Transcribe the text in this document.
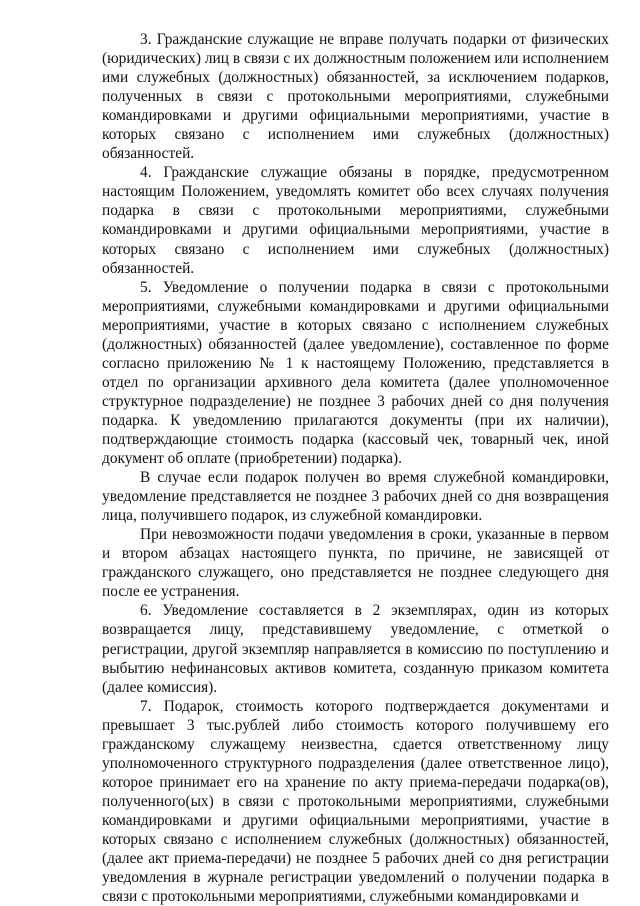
3. Гражданские служащие не вправе получать подарки от физических (юридических) лиц в связи с их должностным положением или исполнением ими служебных (должностных) обязанностей, за исключением подарков, полученных в связи с протокольными мероприятиями, служебными командировками и другими официальными мероприятиями, участие в которых связано с исполнением ими служебных (должностных) обязанностей.

4. Гражданские служащие обязаны в порядке, предусмотренном настоящим Положением, уведомлять комитет обо всех случаях получения подарка в связи с протокольными мероприятиями, служебными командировками и другими официальными мероприятиями, участие в которых связано с исполнением ими служебных (должностных) обязанностей.

5. Уведомление о получении подарка в связи с протокольными мероприятиями, служебными командировками и другими официальными мероприятиями, участие в которых связано с исполнением служебных (должностных) обязанностей (далее уведомление), составленное по форме согласно приложению № 1 к настоящему Положению, представляется в отдел по организации архивного дела комитета (далее уполномоченное структурное подразделение) не позднее 3 рабочих дней со дня получения подарка. К уведомлению прилагаются документы (при их наличии), подтверждающие стоимость подарка (кассовый чек, товарный чек, иной документ об оплате (приобретении) подарка).

В случае если подарок получен во время служебной командировки, уведомление представляется не позднее 3 рабочих дней со дня возвращения лица, получившего подарок, из служебной командировки.

При невозможности подачи уведомления в сроки, указанные в первом и втором абзацах настоящего пункта, по причине, не зависящей от гражданского служащего, оно представляется не позднее следующего дня после ее устранения.

6. Уведомление составляется в 2 экземплярах, один из которых возвращается лицу, представившему уведомление, с отметкой о регистрации, другой экземпляр направляется в комиссию по поступлению и выбытию нефинансовых активов комитета, созданную приказом комитета (далее комиссия).

7. Подарок, стоимость которого подтверждается документами и превышает 3 тыс.рублей либо стоимость которого получившему его гражданскому служащему неизвестна, сдается ответственному лицу уполномоченного структурного подразделения (далее ответственное лицо), которое принимает его на хранение по акту приема-передачи подарка(ов), полученного(ых) в связи с протокольными мероприятиями, служебными командировками и другими официальными мероприятиями, участие в которых связано с исполнением служебных (должностных) обязанностей, (далее акт приема-передачи) не позднее 5 рабочих дней со дня регистрации уведомления в журнале регистрации уведомлений о получении подарка в связи с протокольными мероприятиями, служебными командировками и
